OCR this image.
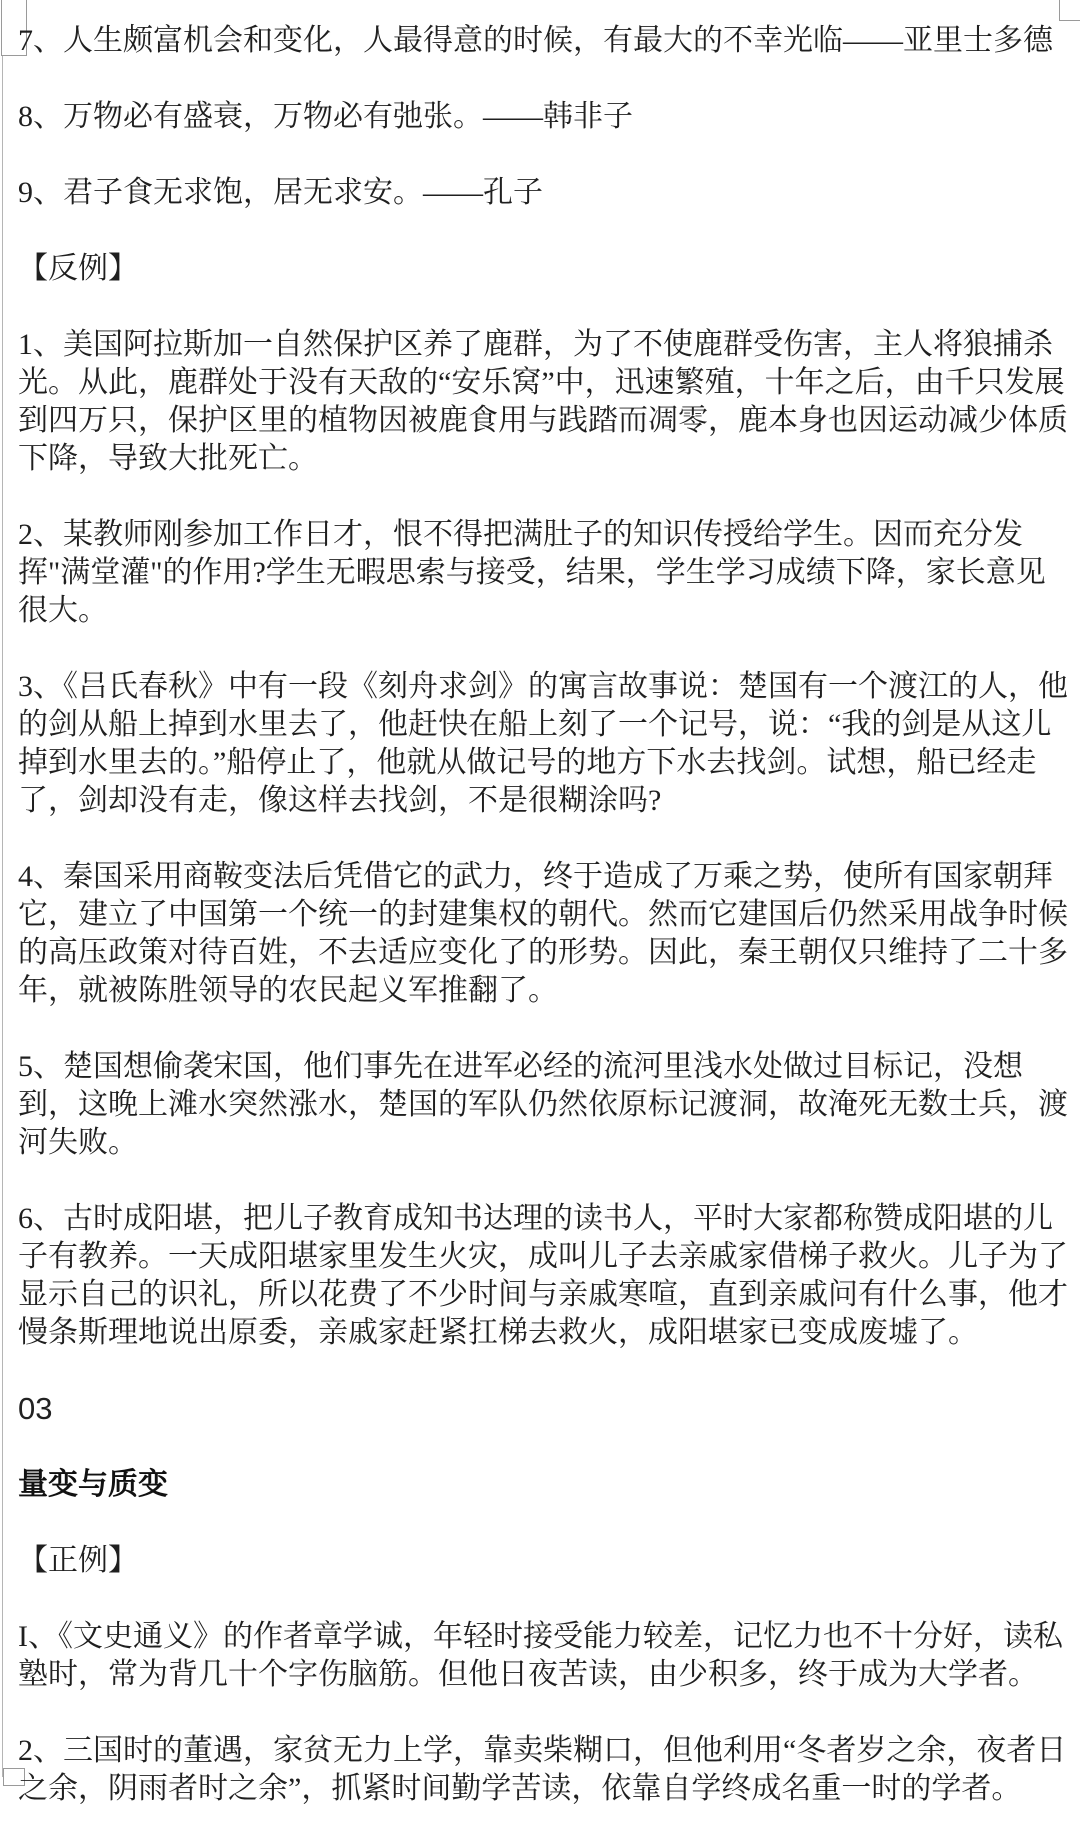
7、人生颇富机会和变化，人最得意的时候，有最大的不幸光临——亚里士多德

8、万物必有盛衰，万物必有弛张。——韩非子

9、君子食无求饱，居无求安。——孔子

【反例】

1、美国阿拉斯加一自然保护区养了鹿群，为了不使鹿群受伤害，主人将狼捕杀光。从此，鹿群处于没有天敌的“安乐窝”中，迅速繁殖，十年之后，由千只发展到四万只，保护区里的植物因被鹿食用与践踏而凋零，鹿本身也因运动减少体质下降，导致大批死亡。

2、某教师刚参加工作日才，恨不得把满肚子的知识传授给学生。因而充分发挥"满堂灌"的作用?学生无暇思索与接受，结果，学生学习成绩下降，家长意见很大。

3、《吕氏春秋》中有一段《刻舟求剑》的寓言故事说：楚国有一个渡江的人，他的剑从船上掉到水里去了，他赶快在船上刻了一个记号，说：“我的剑是从这儿掉到水里去的。”船停止了，他就从做记号的地方下水去找剑。试想，船已经走了，剑却没有走，像这样去找剑，不是很糊涂吗?

4、秦国采用商鞍变法后凭借它的武力，终于造成了万乘之势，使所有国家朝拜它，建立了中国第一个统一的封建集权的朝代。然而它建国后仍然采用战争时候的高压政策对待百姓，不去适应变化了的形势。因此，秦王朝仅只维持了二十多年，就被陈胜领导的农民起义军推翻了。

5、楚国想偷袭宋国，他们事先在进军必经的流河里浅水处做过目标记，没想到，这晚上滩水突然涨水，楚国的军队仍然依原标记渡洞，故淹死无数士兵，渡河失败。

6、古时成阳堪，把儿子教育成知书达理的读书人，平时大家都称赞成阳堪的儿子有教养。一天成阳堪家里发生火灾，成叫儿子去亲戚家借梯子救火。儿子为了显示自己的识礼，所以花费了不少时间与亲戚寒喧，直到亲戚问有什么事，他才慢条斯理地说出原委，亲戚家赶紧扛梯去救火，成阳堪家已变成废墟了。

03
量变与质变
【正例】

I、《文史通义》的作者章学诚，年轻时接受能力较差，记忆力也不十分好，读私塾时，常为背几十个字伤脑筋。但他日夜苦读，由少积多，终于成为大学者。

2、三国时的董遇，家贫无力上学，靠卖柴糊口，但他利用“冬者岁之余，夜者日之余，阴雨者时之余”，抓紧时间勤学苦读，依靠自学终成名重一时的学者。
